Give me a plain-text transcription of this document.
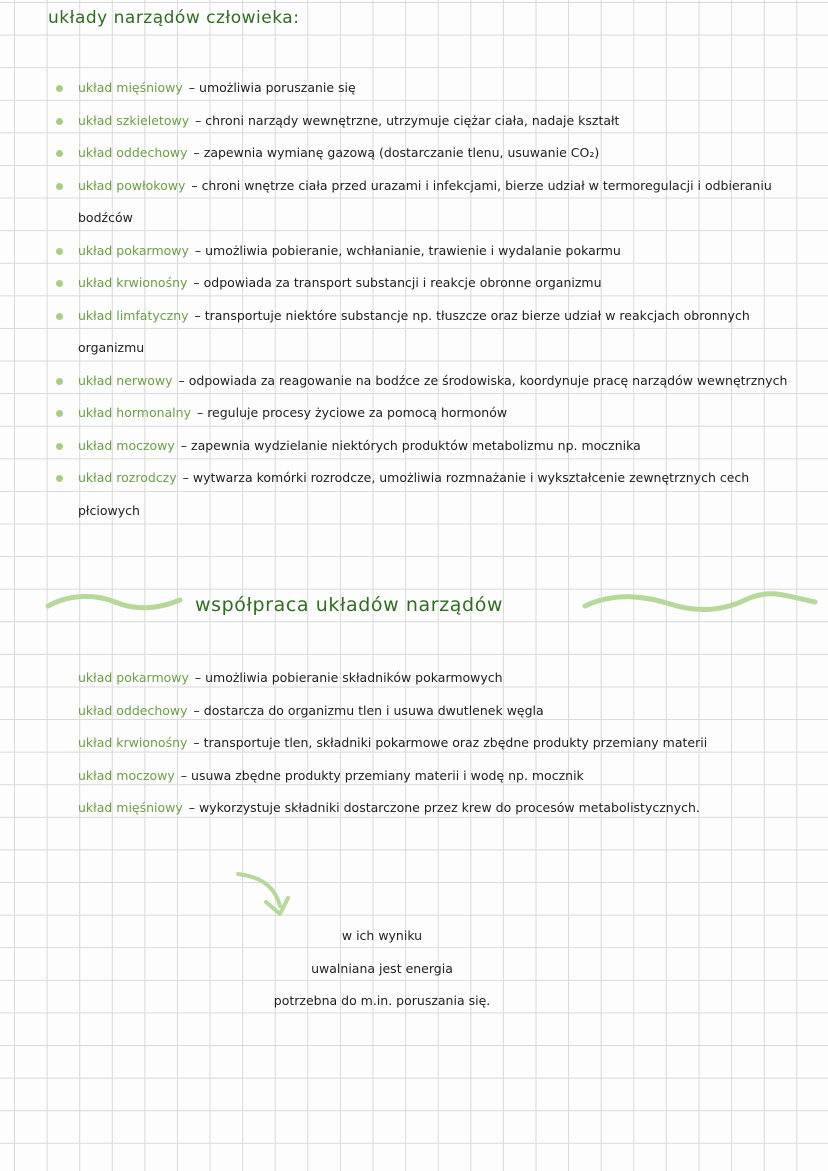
układy narządów człowieka:
układ mięśniowy – umożliwia poruszanie się
układ szkieletowy – chroni narządy wewnętrzne, utrzymuje ciężar ciała, nadaje kształt
układ oddechowy – zapewnia wymianę gazową (dostarczanie tlenu, usuwanie CO₂)
układ powłokowy – chroni wnętrze ciała przed urazami i infekcjami, bierze udział w termoregulacji i odbieraniu bodźców
układ pokarmowy – umożliwia pobieranie, wchłanianie, trawienie i wydalanie pokarmu
układ krwionośny – odpowiada za transport substancji i reakcje obronne organizmu
układ limfatyczny – transportuje niektóre substancje np. tłuszcze oraz bierze udział w reakcjach obronnych organizmu
układ nerwowy – odpowiada za reagowanie na bodźce ze środowiska, koordynuje pracę narządów wewnętrznych
układ hormonalny – reguluje procesy życiowe za pomocą hormonów
układ moczowy – zapewnia wydzielanie niektórych produktów metabolizmu np. mocznika
układ rozrodczy – wytwarza komórki rozrodcze, umożliwia rozmnażanie i wykształcenie zewnętrznych cech płciowych
współpraca układów narządów

układ pokarmowy – umożliwia pobieranie składników pokarmowych

układ oddechowy – dostarcza do organizmu tlen i usuwa dwutlenek węgla

układ krwionośny – transportuje tlen, składniki pokarmowe oraz zbędne produkty przemiany materii

układ moczowy – usuwa zbędne produkty przemiany materii i wodę np. mocznik

układ mięśniowy – wykorzystuje składniki dostarczone przez krew do procesów metabolistycznych.

w ich wyniku

uwalniana jest energia

potrzebna do m.in. poruszania się.
